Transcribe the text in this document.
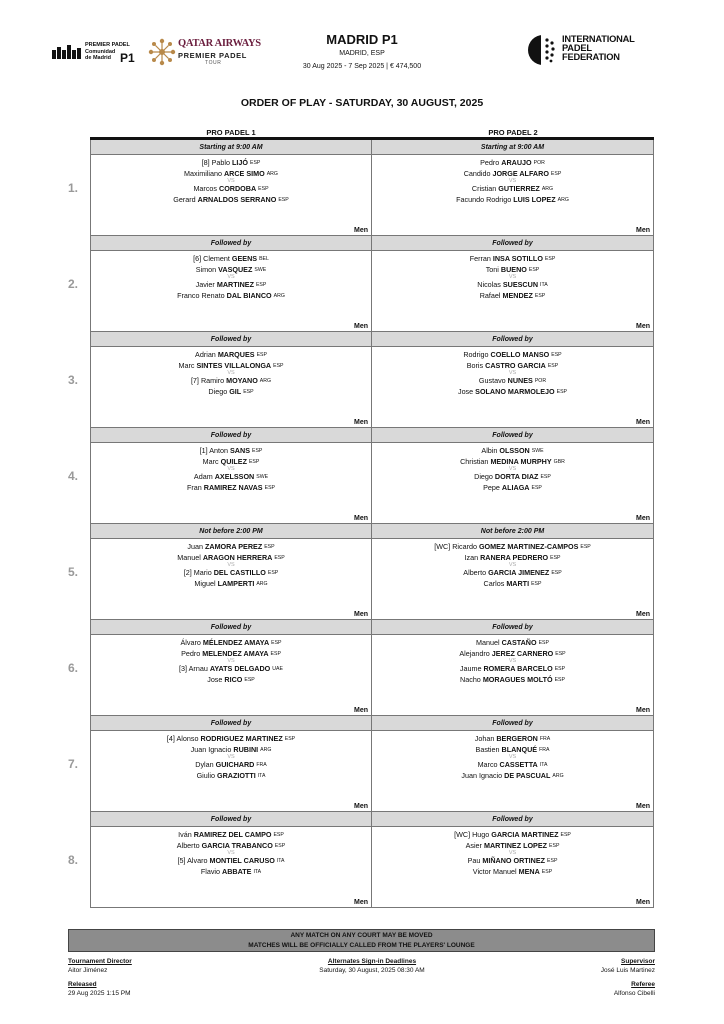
PREMIER PADEL
Comunidad
de Madrid P1
QATAR AIRWAYS
PREMIER PADEL
TOUR
MADRID P1
MADRID, ESP
30 Aug 2025 - 7 Sep 2025 | € 474,500
INTERNATIONAL
PADEL
FEDERATION
ORDER OF PLAY - SATURDAY, 30 AUGUST, 2025
PRO PADEL 1	PRO PADEL 2
1.
Starting at 9:00 AM
[8] Pablo LIJÓ ESP
Maximiliano ARCE SIMO ARG
VS
Marcos CORDOBA ESP
Gerard ARNALDOS SERRANO ESP
Men
Starting at 9:00 AM
Pedro ARAUJO POR
Candido JORGE ALFARO ESP
VS
Cristian GUTIERREZ ARG
Facundo Rodrigo LUIS LOPEZ ARG
Men
2.
Followed by
[6] Clement GEENS BEL
Simon VASQUEZ SWE
VS
Javier MARTINEZ ESP
Franco Renato DAL BIANCO ARG
Men
Followed by
Ferran INSA SOTILLO ESP
Toni BUENO ESP
VS
Nicolas SUESCUN ITA
Rafael MENDEZ ESP
Men
3.
Followed by
Adrian MARQUES ESP
Marc SINTES VILLALONGA ESP
VS
[7] Ramiro MOYANO ARG
Diego GIL ESP
Men
Followed by
Rodrigo COELLO MANSO ESP
Boris CASTRO GARCIA ESP
VS
Gustavo NUNES POR
Jose SOLANO MARMOLEJO ESP
Men
4.
Followed by
[1] Anton SANS ESP
Marc QUILEZ ESP
VS
Adam AXELSSON SWE
Fran RAMIREZ NAVAS ESP
Men
Followed by
Albin OLSSON SWE
Christian MEDINA MURPHY GBR
VS
Diego DORTA DIAZ ESP
Pepe ALIAGA ESP
Men
5.
Not before 2:00 PM
Juan ZAMORA PEREZ ESP
Manuel ARAGON HERRERA ESP
VS
[2] Mario DEL CASTILLO ESP
Miguel LAMPERTI ARG
Men
Not before 2:00 PM
[WC] Ricardo GOMEZ MARTINEZ-CAMPOS ESP
Izan RANERA PEDRERO ESP
VS
Alberto GARCIA JIMENEZ ESP
Carlos MARTI ESP
Men
6.
Followed by
Álvaro MÉLENDEZ AMAYA ESP
Pedro MELENDEZ AMAYA ESP
VS
[3] Arnau AYATS DELGADO UAE
Jose RICO ESP
Men
Followed by
Manuel CASTAÑO ESP
Alejandro JEREZ CARNERO ESP
VS
Jaume ROMERA BARCELO ESP
Nacho MORAGUES MOLTÓ ESP
Men
7.
Followed by
[4] Alonso RODRIGUEZ MARTINEZ ESP
Juan Ignacio RUBINI ARG
VS
Dylan GUICHARD FRA
Giulio GRAZIOTTI ITA
Men
Followed by
Johan BERGERON FRA
Bastien BLANQUÉ FRA
VS
Marco CASSETTA ITA
Juan Ignacio DE PASCUAL ARG
Men
8.
Followed by
Iván RAMIREZ DEL CAMPO ESP
Alberto GARCIA TRABANCO ESP
VS
[5] Alvaro MONTIEL CARUSO ITA
Flavio ABBATE ITA
Men
Followed by
[WC] Hugo GARCIA MARTINEZ ESP
Asier MARTINEZ LOPEZ ESP
VS
Pau MIÑANO ORTINEZ ESP
Victor Manuel MENA ESP
Men
ANY MATCH ON ANY COURT MAY BE MOVED
MATCHES WILL BE OFFICIALLY CALLED FROM THE PLAYERS' LOUNGE
Tournament Director
Aitor Jiménez
Alternates Sign-in Deadlines
Saturday, 30 August, 2025 08:30 AM
Supervisor
José Luis Martinez
Released
29 Aug 2025 1:15 PM
Referee
Alfonso Cibelli
